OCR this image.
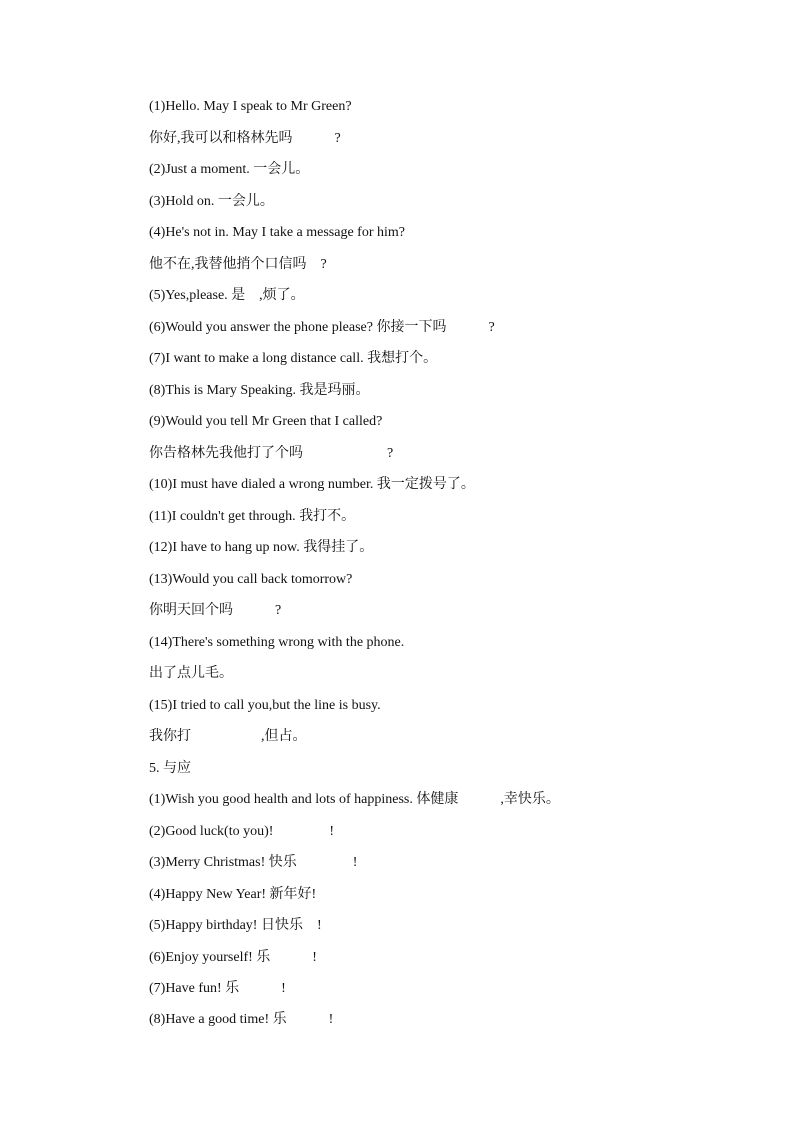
(1)Hello. May I speak to Mr Green?
你好,我可以和格林先吗            ?
(2)Just a moment. 一会儿。
(3)Hold on. 一会儿。
(4)He's not in. May I take a message for him?
他不在,我替他捎个口信吗    ?
(5)Yes,please. 是    ,烦了。
(6)Would you answer the phone please? 你接一下吗            ?
(7)I want to make a long distance call. 我想打个。
(8)This is Mary Speaking. 我是玛丽。
(9)Would you tell Mr Green that I called?
你告格林先我他打了个吗                        ?
(10)I must have dialed a wrong number. 我一定拨号了。
(11)I couldn't get through. 我打不。
(12)I have to hang up now. 我得挂了。
(13)Would you call back tomorrow?
你明天回个吗            ?
(14)There's something wrong with the phone.
出了点儿毛。
(15)I tried to call you,but the line is busy.
我你打                    ,但占。
5. 与应
(1)Wish you good health and lots of happiness. 体健康            ,幸快乐。
(2)Good luck(to you)!                !
(3)Merry Christmas! 快乐                !
(4)Happy New Year! 新年好!
(5)Happy birthday! 日快乐    !
(6)Enjoy yourself! 乐            !
(7)Have fun! 乐            !
(8)Have a good time! 乐            !
